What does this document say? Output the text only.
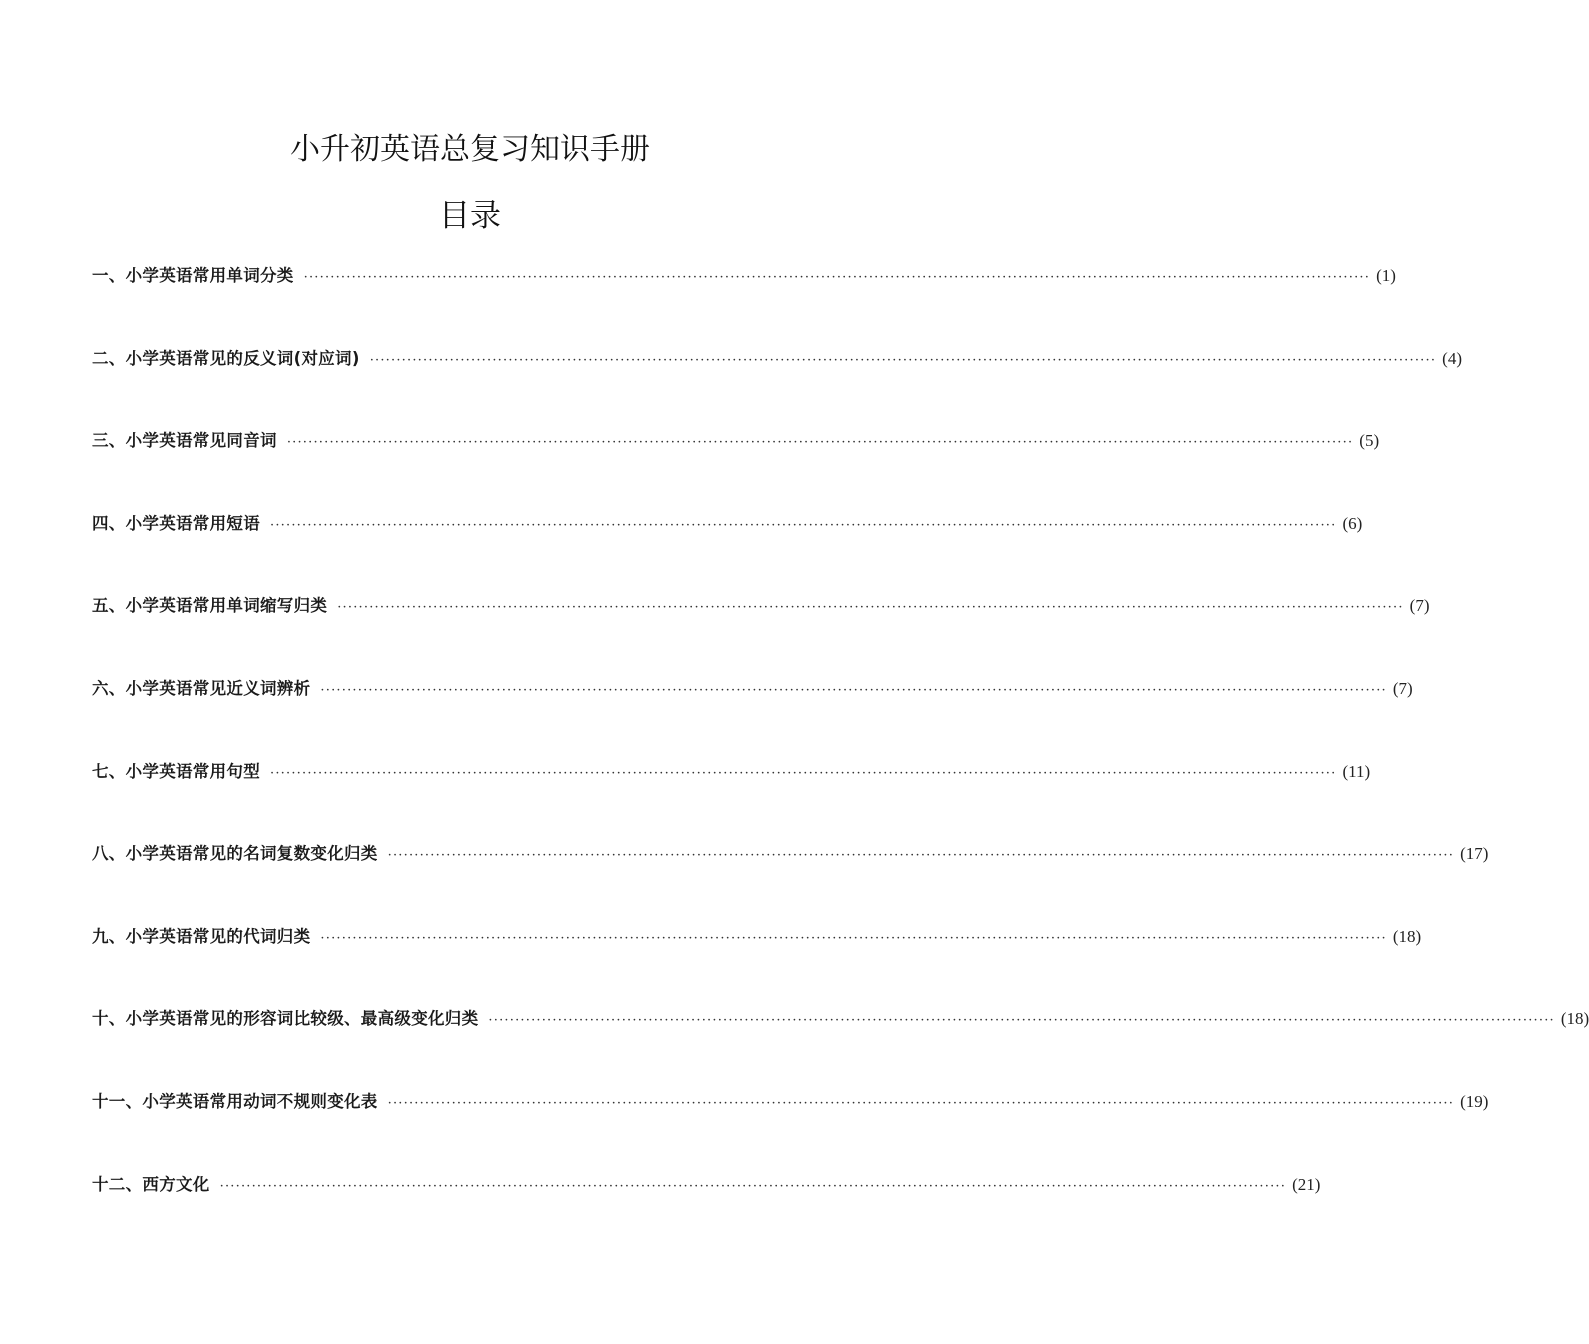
小升初英语总复习知识手册
目录
一、小学英语常用单词分类 ········································································································································································································ (1)
二、小学英语常见的反义词(对应词) ········································································································································································································ (4)
三、小学英语常见同音词 ········································································································································································································ (5)
四、小学英语常用短语 ········································································································································································································ (6)
五、小学英语常用单词缩写归类 ········································································································································································································ (7)
六、小学英语常见近义词辨析 ········································································································································································································ (7)
七、小学英语常用句型 ········································································································································································································ (11)
八、小学英语常见的名词复数变化归类 ········································································································································································································ (17)
九、小学英语常见的代词归类 ········································································································································································································ (18)
十、小学英语常见的形容词比较级、最高级变化归类 ········································································································································································································ (18)
十一、小学英语常用动词不规则变化表 ········································································································································································································ (19)
十二、西方文化 ········································································································································································································ (21)
